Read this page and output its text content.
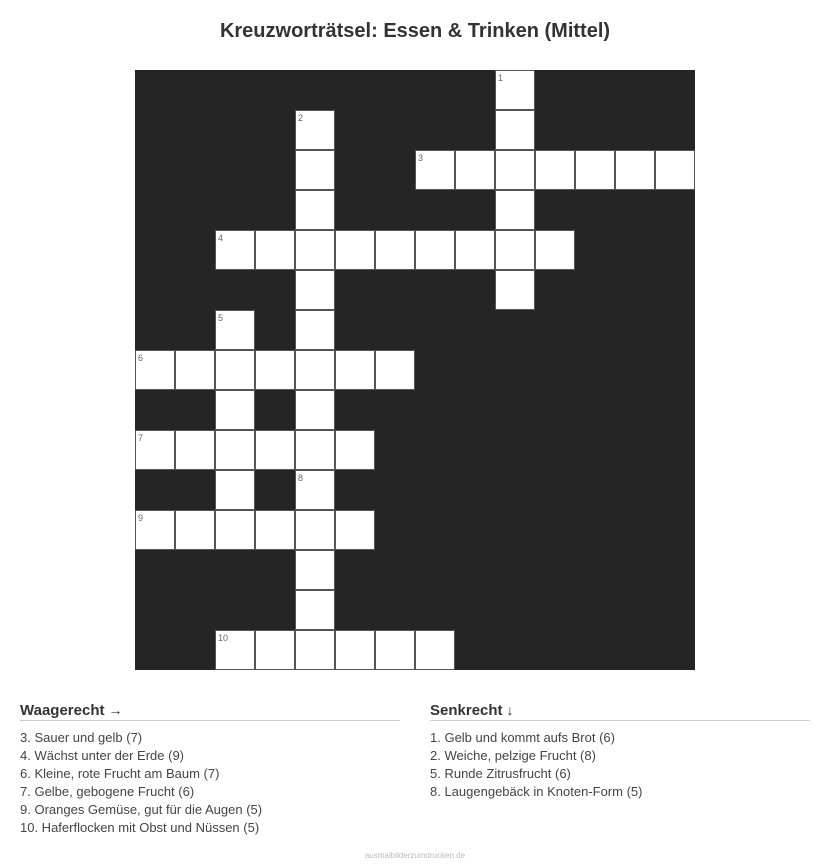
Kreuzworträtsel: Essen & Trinken (Mittel)
1
2
3
4
5
6
7
8
9
10
Waagerecht →
3. Sauer und gelb (7)
4. Wächst unter der Erde (9)
6. Kleine, rote Frucht am Baum (7)
7. Gelbe, gebogene Frucht (6)
9. Oranges Gemüse, gut für die Augen (5)
10. Haferflocken mit Obst und Nüssen (5)
Senkrecht ↓
1. Gelb und kommt aufs Brot (6)
2. Weiche, pelzige Frucht (8)
5. Runde Zitrusfrucht (6)
8. Laugengebäck in Knoten-Form (5)
ausmalbilderzumdrucken.de
